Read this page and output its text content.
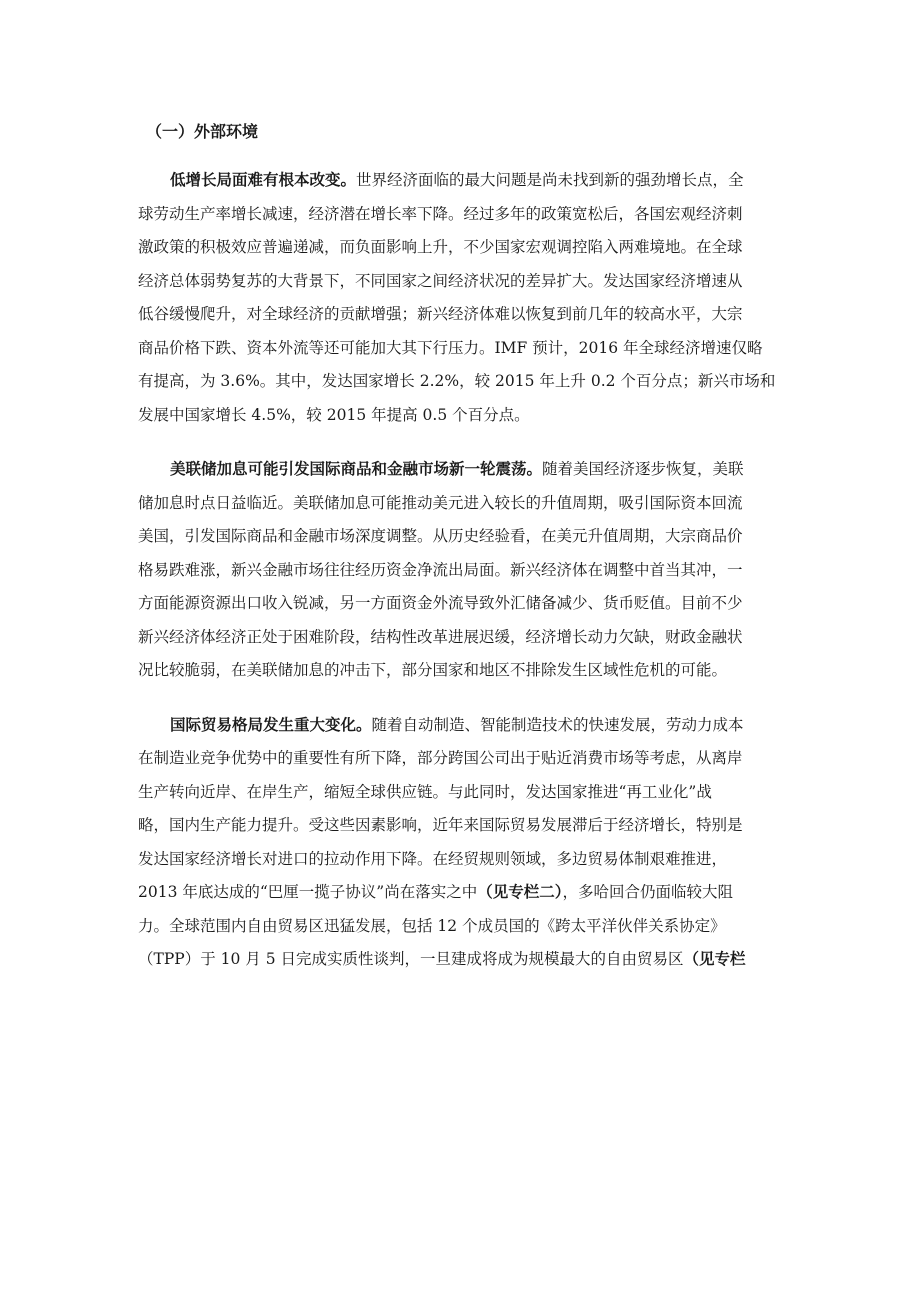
（一）外部环境
低增长局面难有根本改变。世界经济面临的最大问题是尚未找到新的强劲增长点，全
球劳动生产率增长减速，经济潜在增长率下降。经过多年的政策宽松后，各国宏观经济刺
激政策的积极效应普遍递减，而负面影响上升，不少国家宏观调控陷入两难境地。在全球
经济总体弱势复苏的大背景下，不同国家之间经济状况的差异扩大。发达国家经济增速从
低谷缓慢爬升，对全球经济的贡献增强；新兴经济体难以恢复到前几年的较高水平，大宗
商品价格下跌、资本外流等还可能加大其下行压力。IMF 预计，2016 年全球经济增速仅略
有提高，为 3.6%。其中，发达国家增长 2.2%，较 2015 年上升 0.2 个百分点；新兴市场和
发展中国家增长 4.5%，较 2015 年提高 0.5 个百分点。
美联储加息可能引发国际商品和金融市场新一轮震荡。随着美国经济逐步恢复，美联
储加息时点日益临近。美联储加息可能推动美元进入较长的升值周期，吸引国际资本回流
美国，引发国际商品和金融市场深度调整。从历史经验看，在美元升值周期，大宗商品价
格易跌难涨，新兴金融市场往往经历资金净流出局面。新兴经济体在调整中首当其冲，一
方面能源资源出口收入锐减，另一方面资金外流导致外汇储备减少、货币贬值。目前不少
新兴经济体经济正处于困难阶段，结构性改革进展迟缓，经济增长动力欠缺，财政金融状
况比较脆弱，在美联储加息的冲击下，部分国家和地区不排除发生区域性危机的可能。
国际贸易格局发生重大变化。随着自动制造、智能制造技术的快速发展，劳动力成本
在制造业竞争优势中的重要性有所下降，部分跨国公司出于贴近消费市场等考虑，从离岸
生产转向近岸、在岸生产，缩短全球供应链。与此同时，发达国家推进“再工业化”战
略，国内生产能力提升。受这些因素影响，近年来国际贸易发展滞后于经济增长，特别是
发达国家经济增长对进口的拉动作用下降。在经贸规则领域，多边贸易体制艰难推进，
2013 年底达成的“巴厘一揽子协议”尚在落实之中（见专栏二），多哈回合仍面临较大阻
力。全球范围内自由贸易区迅猛发展，包括 12 个成员国的《跨太平洋伙伴关系协定》
（TPP）于 10 月 5 日完成实质性谈判，一旦建成将成为规模最大的自由贸易区（见专栏
